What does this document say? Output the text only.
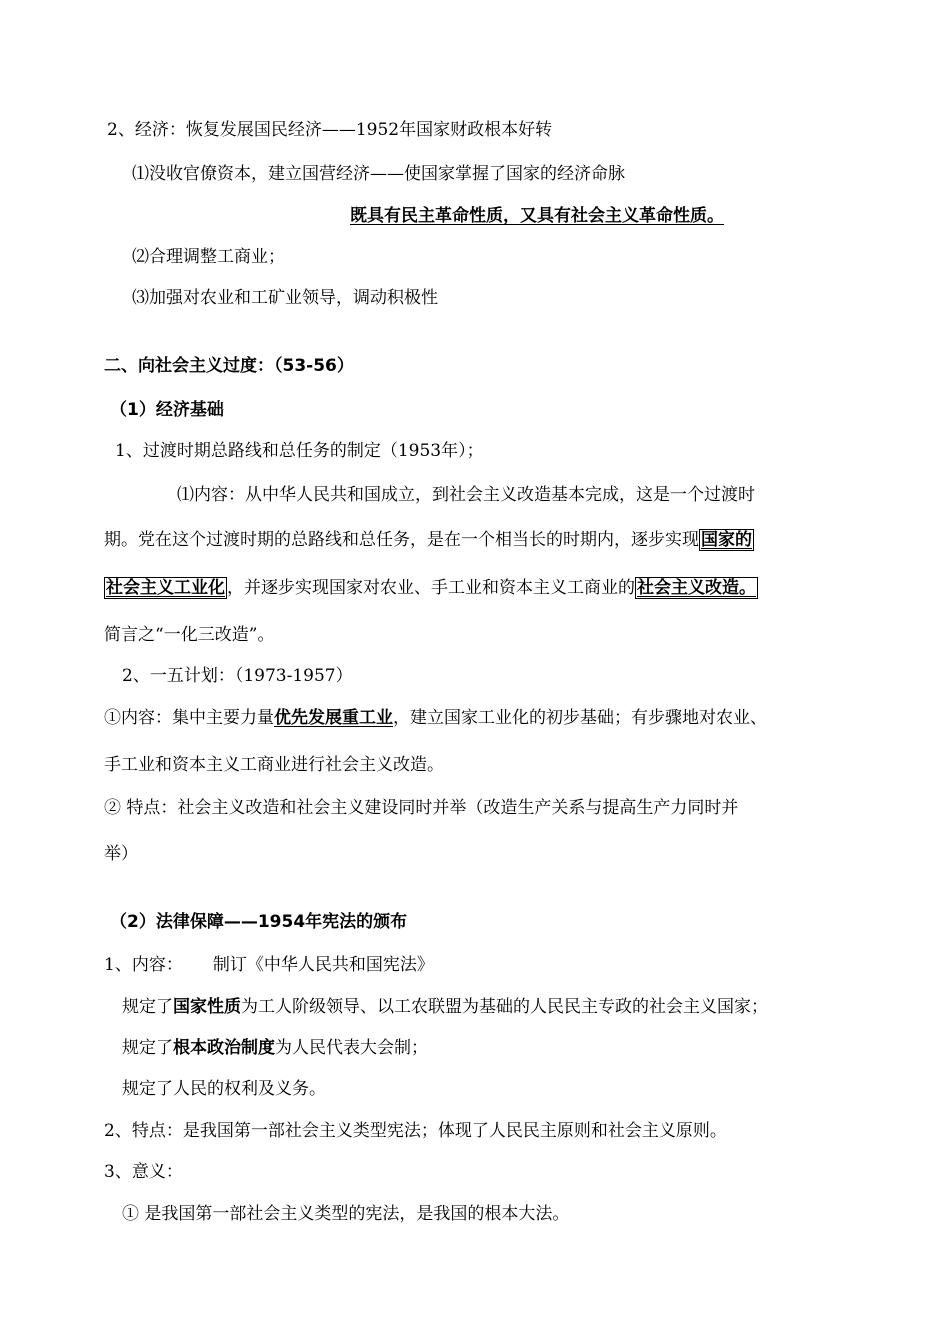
2、经济：恢复发展国民经济——1952年国家财政根本好转
⑴没收官僚资本，建立国营经济——使国家掌握了国家的经济命脉
既具有民主革命性质，又具有社会主义革命性质。
⑵合理调整工商业；
⑶加强对农业和工矿业领导，调动积极性
二、向社会主义过度：（53-56）
（1）经济基础
1、过渡时期总路线和总任务的制定（1953年）；
⑴内容：从中华人民共和国成立，到社会主义改造基本完成，这是一个过渡时
期。党在这个过渡时期的总路线和总任务，是在一个相当长的时期内，逐步实现 国家的
社会主义工业化 ，并逐步实现国家对农业、手工业和资本主义工商业的 社会主义改造。
简言之“一化三改造”。
2、一五计划：（1973-1957）
①内容：集中主要力量优先发展重工业，建立国家工业化的初步基础；有步骤地对农业、
手工业和资本主义工商业进行社会主义改造。
② 特点：社会主义改造和社会主义建设同时并举（改造生产关系与提高生产力同时并
举）
（2）法律保障——1954年宪法的颁布
1、内容： 制订《中华人民共和国宪法》
规定了国家性质为工人阶级领导、以工农联盟为基础的人民民主专政的社会主义国家；
规定了根本政治制度为人民代表大会制；
规定了人民的权利及义务。
2、特点：是我国第一部社会主义类型宪法；体现了人民民主原则和社会主义原则。
3、意义：
① 是我国第一部社会主义类型的宪法，是我国的根本大法。
